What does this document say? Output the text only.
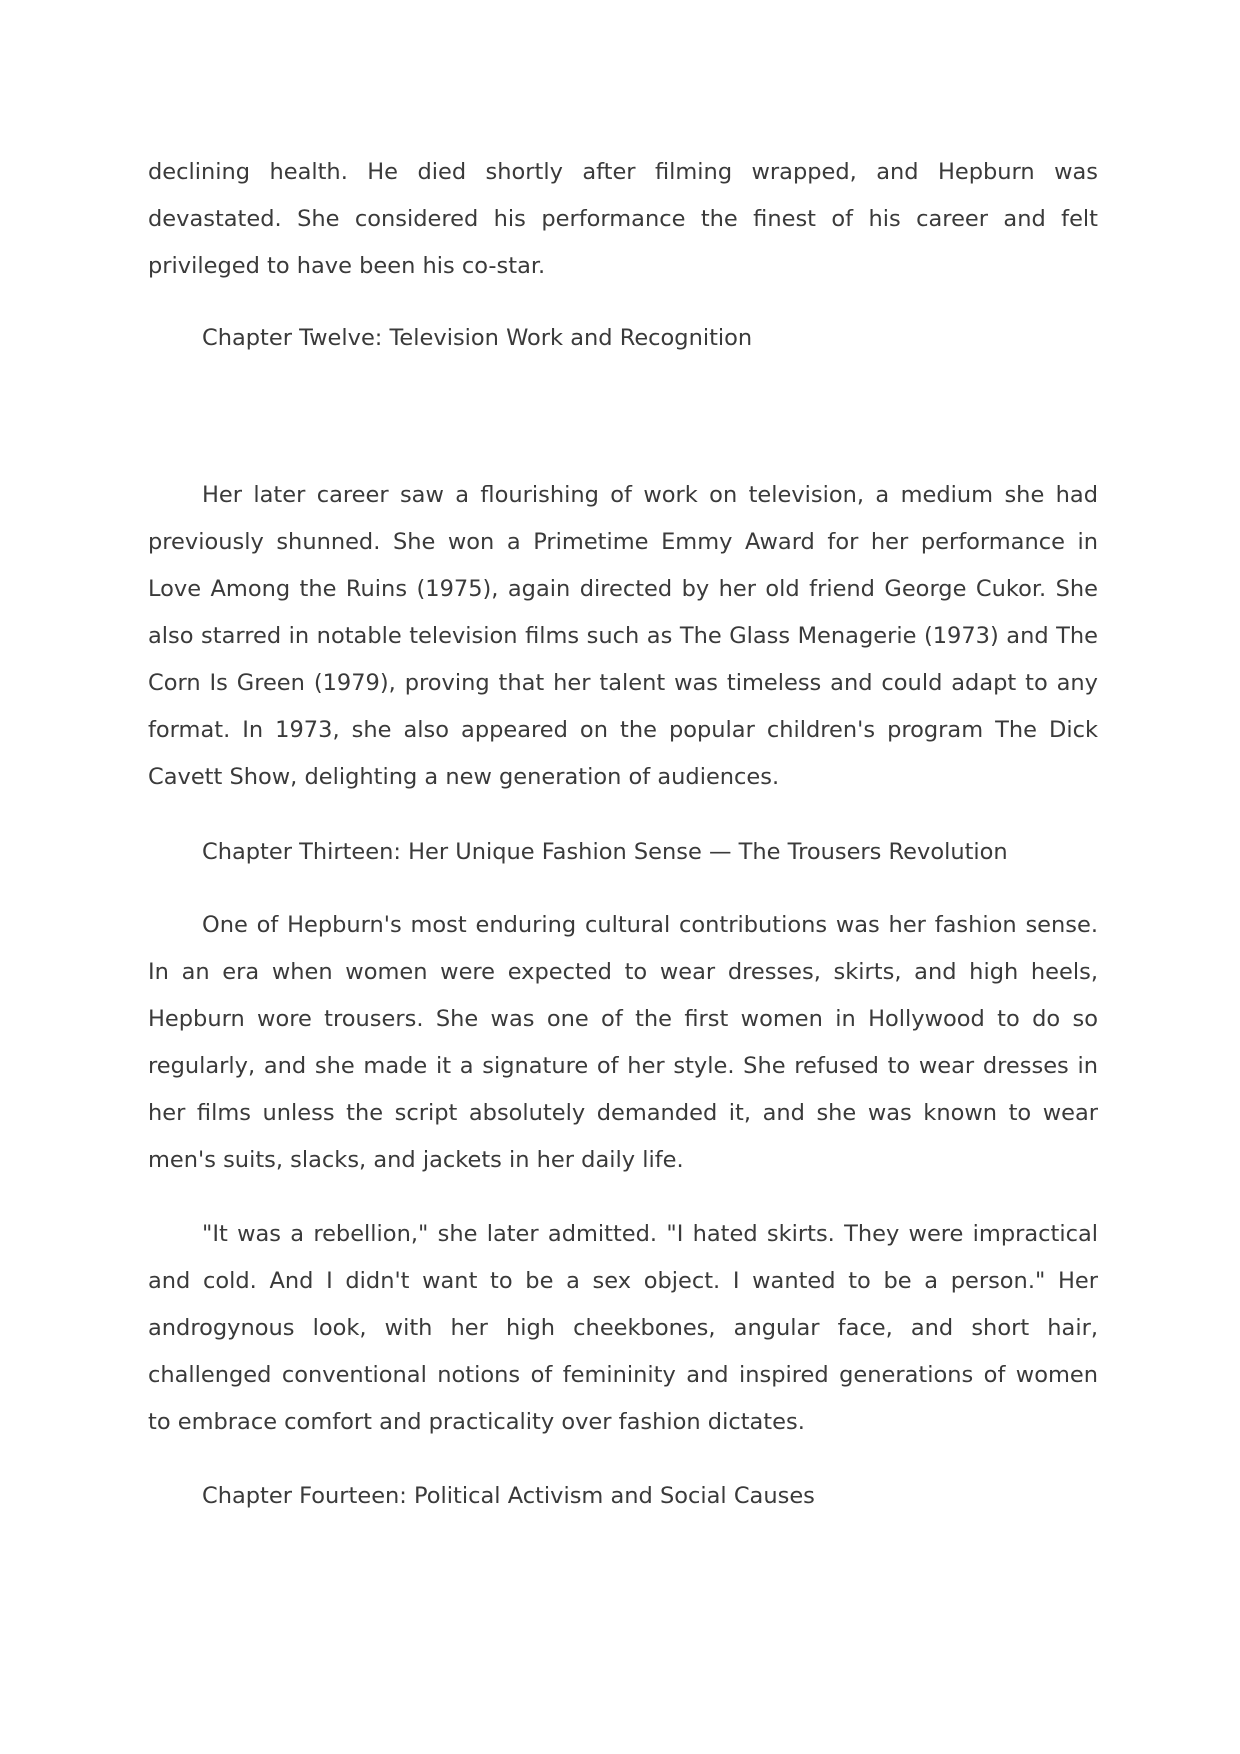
declining health. He died shortly after filming wrapped, and Hepburn was devastated. She considered his performance the finest of his career and felt privileged to have been his co-star.

Chapter Twelve: Television Work and Recognition

Her later career saw a flourishing of work on television, a medium she had previously shunned. She won a Primetime Emmy Award for her performance in Love Among the Ruins (1975), again directed by her old friend George Cukor. She also starred in notable television films such as The Glass Menagerie (1973) and The Corn Is Green (1979), proving that her talent was timeless and could adapt to any format. In 1973, she also appeared on the popular children's program The Dick Cavett Show, delighting a new generation of audiences.

Chapter Thirteen: Her Unique Fashion Sense — The Trousers Revolution

One of Hepburn's most enduring cultural contributions was her fashion sense. In an era when women were expected to wear dresses, skirts, and high heels, Hepburn wore trousers. She was one of the first women in Hollywood to do so regularly, and she made it a signature of her style. She refused to wear dresses in her films unless the script absolutely demanded it, and she was known to wear men's suits, slacks, and jackets in her daily life.

"It was a rebellion," she later admitted. "I hated skirts. They were impractical and cold. And I didn't want to be a sex object. I wanted to be a person." Her androgynous look, with her high cheekbones, angular face, and short hair, challenged conventional notions of femininity and inspired generations of women to embrace comfort and practicality over fashion dictates.

Chapter Fourteen: Political Activism and Social Causes
